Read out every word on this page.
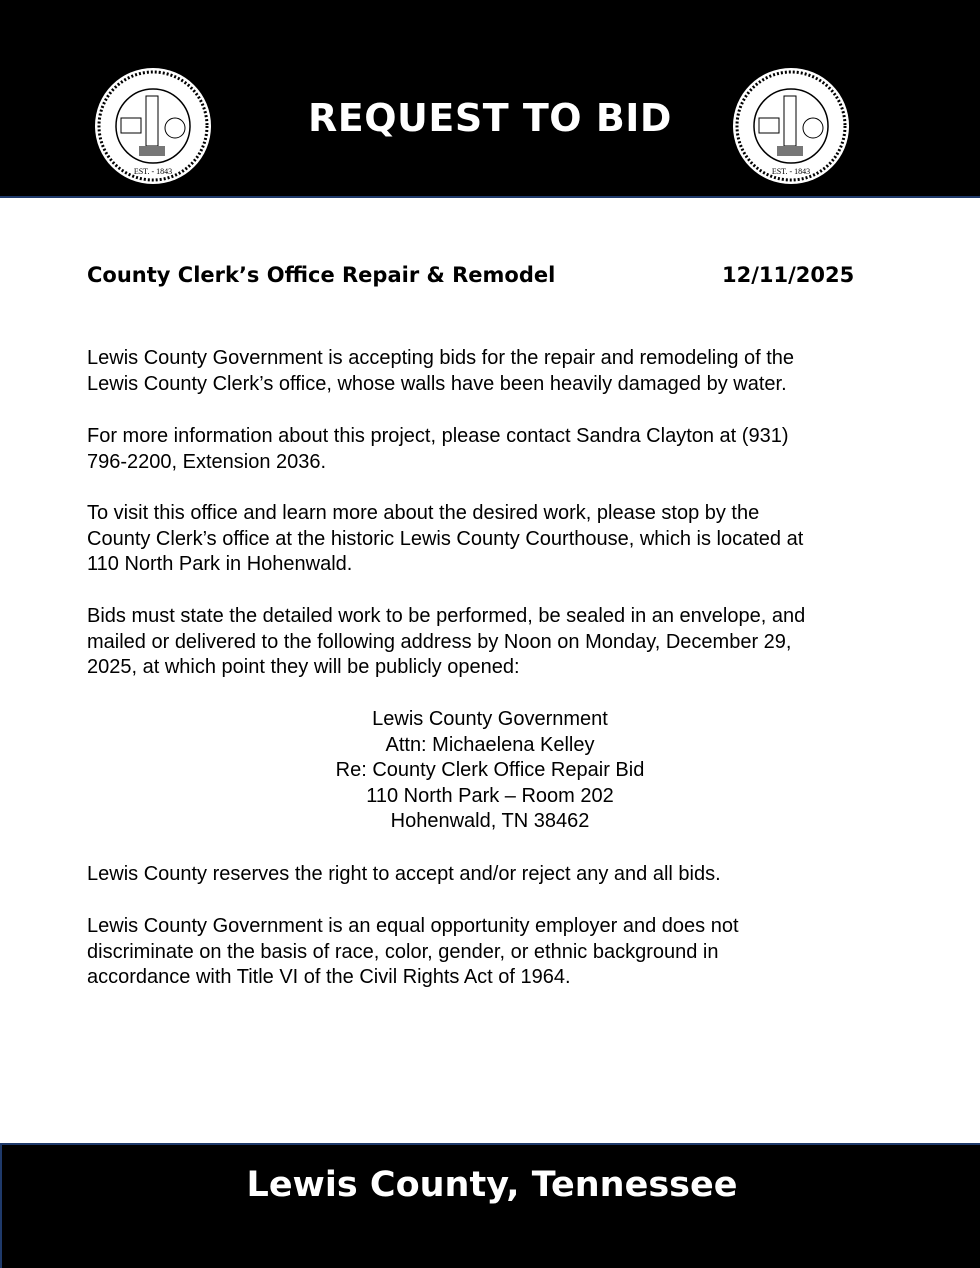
EST. - 1843
REQUEST TO BID
EST. - 1843
County Clerk’s Office Repair & Remodel	12/11/2025
Lewis County Government is accepting bids for the repair and remodeling of the
Lewis County Clerk’s office, whose walls have been heavily damaged by water.
For more information about this project, please contact Sandra Clayton at (931)
796-2200, Extension 2036.
To visit this office and learn more about the desired work, please stop by the
County Clerk’s office at the historic Lewis County Courthouse, which is located at
110 North Park in Hohenwald.
Bids must state the detailed work to be performed, be sealed in an envelope, and
mailed or delivered to the following address by Noon on Monday, December 29,
2025, at which point they will be publicly opened:
Lewis County Government
Attn: Michaelena Kelley
Re: County Clerk Office Repair Bid
110 North Park – Room 202
Hohenwald, TN 38462
Lewis County reserves the right to accept and/or reject any and all bids.
Lewis County Government is an equal opportunity employer and does not
discriminate on the basis of race, color, gender, or ethnic background in
accordance with Title VI of the Civil Rights Act of 1964.
Lewis County, Tennessee
